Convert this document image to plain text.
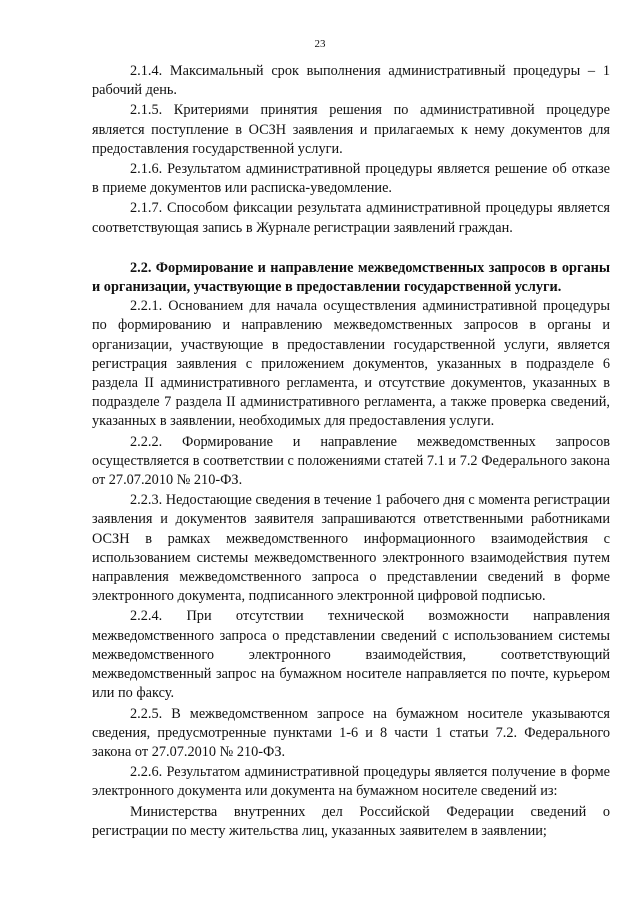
23

2.1.4. Максимальный срок выполнения административный процедуры – 1 рабочий день.

2.1.5. Критериями принятия решения по административной процедуре является поступление в ОСЗН заявления и прилагаемых к нему документов для предоставления государственной услуги.

2.1.6. Результатом административной процедуры является решение об отказе в приеме документов или расписка-уведомление.

2.1.7. Способом фиксации результата административной процедуры является соответствующая запись в Журнале регистрации заявлений граждан.

2.2. Формирование и направление межведомственных запросов в органы и организации, участвующие в предоставлении государственной услуги.

2.2.1. Основанием для начала осуществления административной процедуры по формированию и направлению межведомственных запросов в органы и организации, участвующие в предоставлении государственной услуги, является регистрация заявления с приложением документов, указанных в подразделе 6 раздела II административного регламента, и отсутствие документов, указанных в подразделе 7 раздела II административного регламента, а также проверка сведений, указанных в заявлении, необходимых для предоставления услуги.

2.2.2. Формирование и направление межведомственных запросов осуществляется в соответствии с положениями статей 7.1 и 7.2 Федерального закона от 27.07.2010 № 210-ФЗ.

2.2.3. Недостающие сведения в течение 1 рабочего дня с момента регистрации заявления и документов заявителя запрашиваются ответственными работниками ОСЗН в рамках межведомственного информационного взаимодействия с использованием системы межведомственного электронного взаимодействия путем направления межведомственного запроса о представлении сведений в форме электронного документа, подписанного электронной цифровой подписью.

2.2.4. При отсутствии технической возможности направления межведомственного запроса о представлении сведений с использованием системы межведомственного электронного взаимодействия, соответствующий межведомственный запрос на бумажном носителе направляется по почте, курьером или по факсу.

2.2.5. В межведомственном запросе на бумажном носителе указываются сведения, предусмотренные пунктами 1-6 и 8 части 1 статьи 7.2. Федерального закона от 27.07.2010 № 210-ФЗ.

2.2.6. Результатом административной процедуры является получение в форме электронного документа или документа на бумажном носителе сведений из:

Министерства внутренних дел Российской Федерации сведений о регистрации по месту жительства лиц, указанных заявителем в заявлении;
